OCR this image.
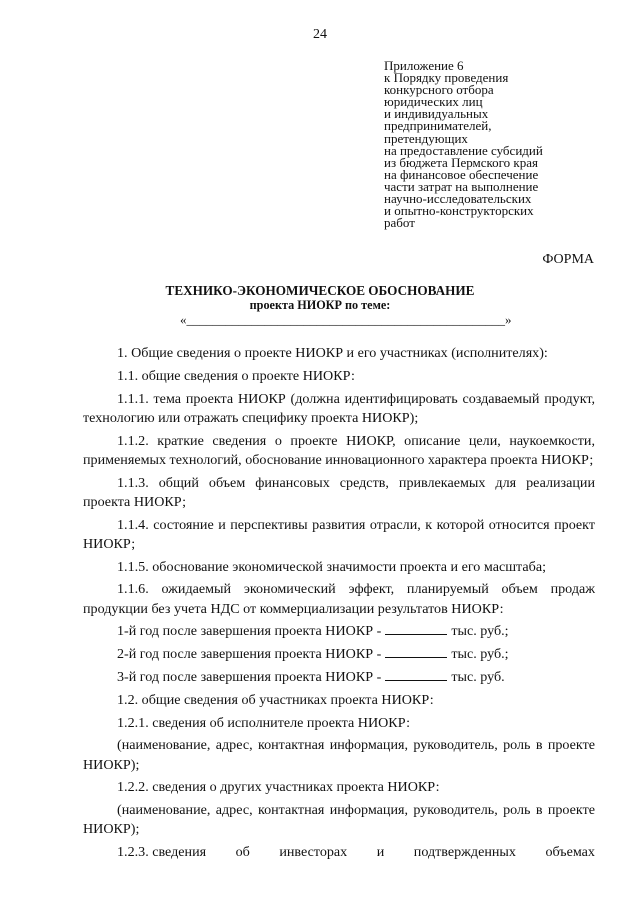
24
Приложение 6
к Порядку проведения
конкурсного отбора
юридических лиц
и индивидуальных
предпринимателей,
претендующих
на предоставление субсидий
из бюджета Пермского края
на финансовое обеспечение
части затрат на выполнение
научно-исследовательских
и опытно-конструкторских
работ
ФОРМА
ТЕХНИКО-ЭКОНОМИЧЕСКОЕ ОБОСНОВАНИЕ
проекта НИОКР по теме:
«_________________________________________________»
1. Общие сведения о проекте НИОКР и его участниках (исполнителях):
1.1. общие сведения о проекте НИОКР:
1.1.1. тема проекта НИОКР (должна идентифицировать создаваемый продукт, технологию или отражать специфику проекта НИОКР);
1.1.2. краткие сведения о проекте НИОКР, описание цели, наукоемкости, применяемых технологий, обоснование инновационного характера проекта НИОКР;
1.1.3. общий объем финансовых средств, привлекаемых для реализации проекта НИОКР;
1.1.4. состояние и перспективы развития отрасли, к которой относится проект НИОКР;
1.1.5. обоснование экономической значимости проекта и его масштаба;
1.1.6. ожидаемый экономический эффект, планируемый объем продаж продукции без учета НДС от коммерциализации результатов НИОКР:
1-й год после завершения проекта НИОКР -	тыс. руб.;
2-й год после завершения проекта НИОКР -	тыс. руб.;
3-й год после завершения проекта НИОКР -	тыс. руб.
1.2. общие сведения об участниках проекта НИОКР:
1.2.1. сведения об исполнителе проекта НИОКР:
(наименование, адрес, контактная информация, руководитель, роль в проекте НИОКР);
1.2.2. сведения о других участниках проекта НИОКР:
(наименование, адрес, контактная информация, руководитель, роль в проекте НИОКР);
1.2.3. сведения об инвесторах и подтвержденных объемах
